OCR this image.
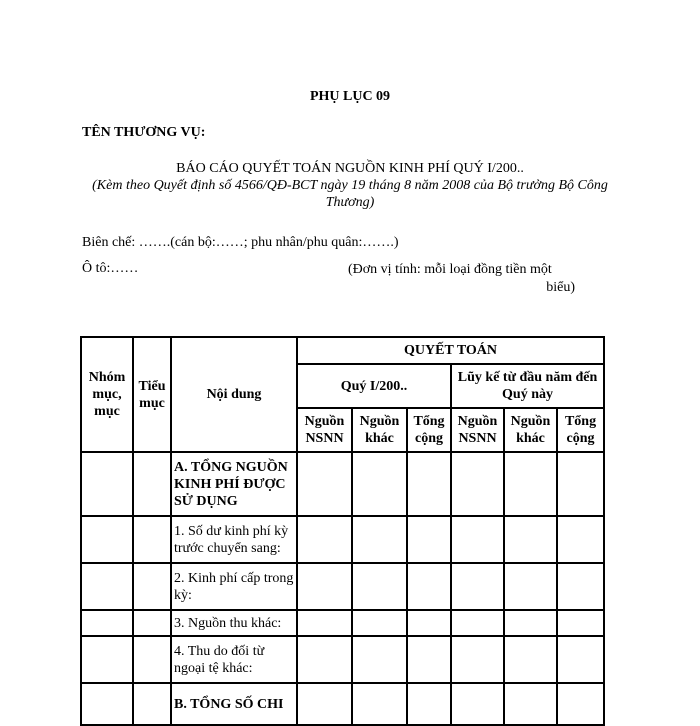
PHỤ LỤC 09
TÊN THƯƠNG VỤ:
BÁO CÁO QUYẾT TOÁN NGUỒN KINH PHÍ QUÝ I/200..
(Kèm theo Quyết định số 4566/QĐ-BCT ngày 19 tháng 8 năm 2008 của Bộ trưởng Bộ Công Thương)
Biên chế: …….(cán bộ:……; phu nhân/phu quân:…….)
Ô tô:……	(Đơn vị tính: mỗi loại đồng tiền một
biểu)
Nhóm mục, mục	Tiểu mục	Nội dung	QUYẾT TOÁN					
			Quý I/200..			Lũy kế từ đầu năm đến Quý này		
			Nguồn NSNN	Nguồn khác	Tổng cộng	Nguồn NSNN	Nguồn khác	Tổng cộng
		A. TỔNG NGUỒN KINH PHÍ ĐƯỢC SỬ DỤNG						
		1. Số dư kinh phí kỳ trước chuyển sang:						
		2. Kinh phí cấp trong kỳ:						
		3. Nguồn thu khác:						
		4. Thu do đối từ ngoại tệ khác:						
		B. TỔNG SỐ CHI						
